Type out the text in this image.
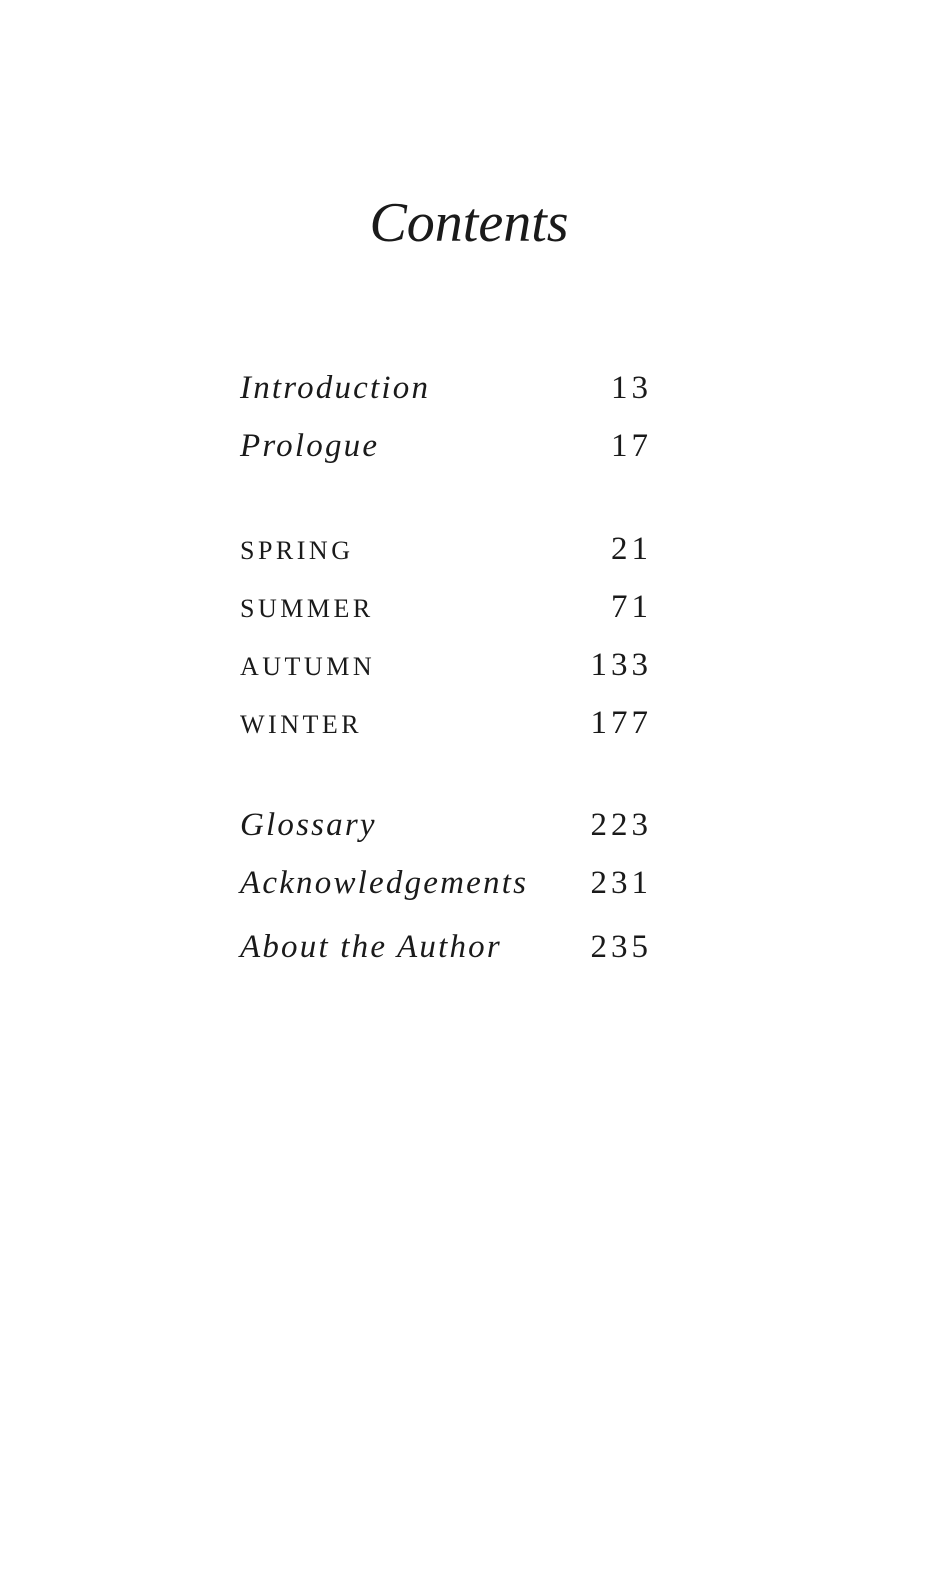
Contents
Introduction	13
Prologue	17
SPRING	21
SUMMER	71
AUTUMN	133
WINTER	177
Glossary	223
Acknowledgements 231
About the Author	235
